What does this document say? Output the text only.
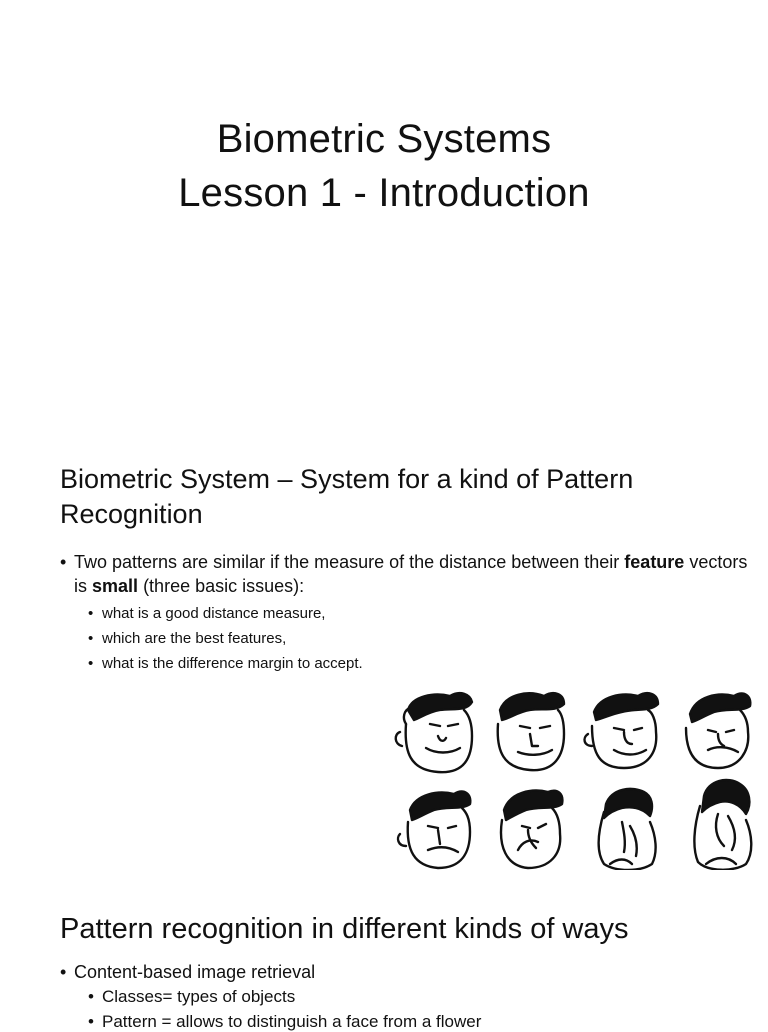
Biometric Systems
Lesson 1 - Introduction
Biometric System – System for a kind of Pattern Recognition
• Two patterns are similar if the measure of the distance between their feature vectors is small (three basic issues):
• what is a good distance measure,
• which are the best features,
• what is the difference margin to accept.
Pattern recognition in different kinds of ways
• Content-based image retrieval
• Classes= types of objects
• Pattern = allows to distinguish a face from a flower
